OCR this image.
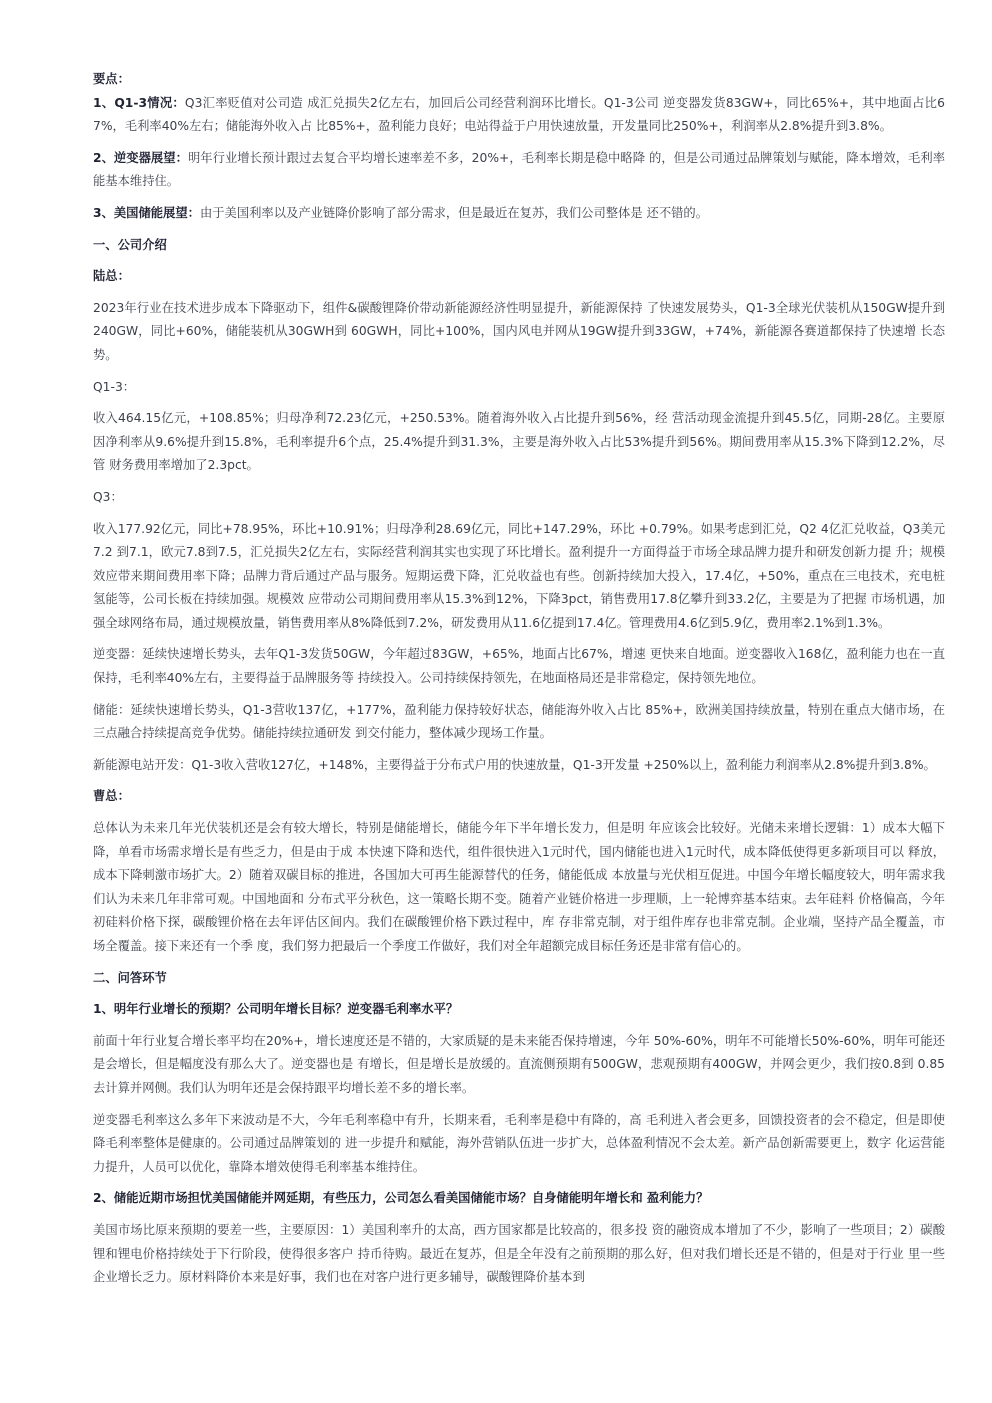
要点：

1、Q1-3情况：Q3汇率贬值对公司造 成汇兑损失2亿左右，加回后公司经营利润环比增长。Q1-3公司 逆变器发货83GW+，同比65%+，其中地面占比67%，毛利率40%左右；储能海外收入占 比85%+，盈利能力良好；电站得益于户用快速放量，开发量同比250%+，利润率从2.8%提升到3.8%。

2、逆变器展望：明年行业增长预计跟过去复合平均增长速率差不多，20%+，毛利率长期是稳中略降 的，但是公司通过品牌策划与赋能，降本增效，毛利率能基本维持住。

3、美国储能展望：由于美国利率以及产业链降价影响了部分需求，但是最近在复苏，我们公司整体是 还不错的。

一、公司介绍

陆总：

2023年行业在技术进步成本下降驱动下，组件&碳酸锂降价带动新能源经济性明显提升，新能源保持 了快速发展势头，Q1-3全球光伏装机从150GW提升到240GW，同比+60%，储能装机从30GWH到 60GWH，同比+100%，国内风电并网从19GW提升到33GW，+74%，新能源各赛道都保持了快速增 长态势。

Q1-3：

收入464.15亿元，+108.85%；归母净利72.23亿元，+250.53%。随着海外收入占比提升到56%，经 营活动现金流提升到45.5亿，同期-28亿。主要原因净利率从9.6%提升到15.8%，毛利率提升6个点，25.4%提升到31.3%，主要是海外收入占比53%提升到56%。期间费用率从15.3%下降到12.2%，尽管 财务费用率增加了2.3pct。

Q3：

收入177.92亿元，同比+78.95%，环比+10.91%；归母净利28.69亿元，同比+147.29%，环比 +0.79%。如果考虑到汇兑，Q2 4亿汇兑收益，Q3美元7.2 到7.1，欧元7.8到7.5，汇兑损失2亿左右，实际经营利润其实也实现了环比增长。盈利提升一方面得益于市场全球品牌力提升和研发创新力提 升；规模效应带来期间费用率下降；品牌力背后通过产品与服务。短期运费下降，汇兑收益也有些。创新持续加大投入，17.4亿，+50%，重点在三电技术，充电桩氢能等，公司长板在持续加强。规模效 应带动公司期间费用率从15.3%到12%，下降3pct，销售费用17.8亿攀升到33.2亿，主要是为了把握 市场机遇，加强全球网络布局，通过规模放量，销售费用率从8%降低到7.2%，研发费用从11.6亿提到17.4亿。管理费用4.6亿到5.9亿，费用率2.1%到1.3%。

逆变器：延续快速增长势头，去年Q1-3发货50GW，今年超过83GW，+65%，地面占比67%，增速 更快来自地面。逆变器收入168亿，盈利能力也在一直保持，毛利率40%左右，主要得益于品牌服务等 持续投入。公司持续保持领先，在地面格局还是非常稳定，保持领先地位。

储能：延续快速增长势头，Q1-3营收137亿，+177%，盈利能力保持较好状态，储能海外收入占比 85%+，欧洲美国持续放量，特别在重点大储市场，在三点融合持续提高竞争优势。储能持续拉通研发 到交付能力，整体减少现场工作量。

新能源电站开发：Q1-3收入营收127亿，+148%，主要得益于分布式户用的快速放量，Q1-3开发量 +250%以上，盈利能力利润率从2.8%提升到3.8%。

曹总：

总体认为未来几年光伏装机还是会有较大增长，特别是储能增长，储能今年下半年增长发力，但是明 年应该会比较好。光储未来增长逻辑：1）成本大幅下降，单看市场需求增长是有些乏力，但是由于成 本快速下降和迭代，组件很快进入1元时代，国内储能也进入1元时代，成本降低使得更多新项目可以 释放，成本下降刺激市场扩大。2）随着双碳目标的推进，各国加大可再生能源替代的任务，储能低成 本放量与光伏相互促进。中国今年增长幅度较大，明年需求我们认为未来几年非常可观。中国地面和 分布式平分秋色，这一策略长期不变。随着产业链价格进一步理顺，上一轮博弈基本结束。去年硅料 价格偏高，今年初硅料价格下探，碳酸锂价格在去年评估区间内。我们在碳酸锂价格下跌过程中，库 存非常克制，对于组件库存也非常克制。企业端，坚持产品全覆盖，市场全覆盖。接下来还有一个季 度，我们努力把最后一个季度工作做好，我们对全年超额完成目标任务还是非常有信心的。

二、问答环节

1、明年行业增长的预期？公司明年增长目标？逆变器毛利率水平？

前面十年行业复合增长率平均在20%+，增长速度还是不错的，大家质疑的是未来能否保持增速，今年 50%-60%，明年不可能增长50%-60%，明年可能还是会增长，但是幅度没有那么大了。逆变器也是 有增长，但是增长是放缓的。直流侧预期有500GW，悲观预期有400GW，并网会更少，我们按0.8到 0.85去计算并网侧。我们认为明年还是会保持跟平均增长差不多的增长率。

逆变器毛利率这么多年下来波动是不大，今年毛利率稳中有升，长期来看，毛利率是稳中有降的，高 毛利进入者会更多，回馈投资者的会不稳定，但是即使降毛利率整体是健康的。公司通过品牌策划的 进一步提升和赋能，海外营销队伍进一步扩大，总体盈利情况不会太差。新产品创新需要更上，数字 化运营能力提升，人员可以优化，靠降本增效使得毛利率基本维持住。

2、储能近期市场担忧美国储能并网延期，有些压力，公司怎么看美国储能市场？自身储能明年增长和 盈利能力？

美国市场比原来预期的要差一些，主要原因：1）美国利率升的太高，西方国家都是比较高的，很多投 资的融资成本增加了不少，影响了一些项目；2）碳酸锂和锂电价格持续处于下行阶段，使得很多客户 持币待购。最近在复苏，但是全年没有之前预期的那么好，但对我们增长还是不错的，但是对于行业 里一些企业增长乏力。原材料降价本来是好事，我们也在对客户进行更多辅导，碳酸锂降价基本到
